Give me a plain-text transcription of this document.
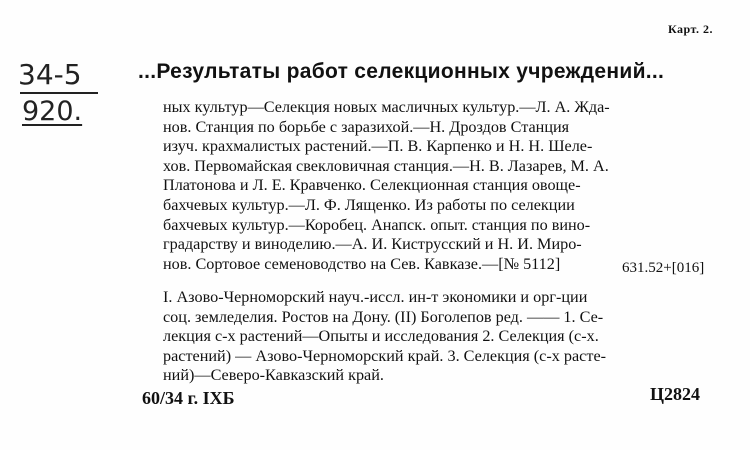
Карт. 2.
34-5
920.
...Результаты работ селекционных учреждений...
ных культур—Селекция новых масличных культур.—Л. А. Жда-
нов. Станция по борьбе с заразихой.—Н. Дроздов Станция
изуч. крахмалистых растений.—П. В. Карпенко и Н. Н. Шеле-
хов. Первомайская свекловичная станция.—Н. В. Лазарев, М. А.
Платонова и Л. Е. Кравченко. Селекционная станция овоще-
бахчевых культур.—Л. Ф. Лященко. Из работы по селекции
бахчевых культур.—Коробец. Анапск. опыт. станция по вино-
градарству и виноделию.—А. И. Киструсский и Н. И. Миро-
нов. Сортовое семеноводство на Сев. Кавказе.—[№ 5112]	631.52+[016]
I. Азово-Черноморский науч.-иссл. ин-т экономики и орг-ции
соц. земледелия. Ростов на Дону. (II) Боголепов ред. —— 1. Се-
лекция с-х растений—Опыты и исследования 2. Селекция (с-х.
растений) — Азово-Черноморский край. 3. Селекция (с-х расте-
ний)—Северо-Кавказский край.
60/34 г. IXБ	Ц2824
